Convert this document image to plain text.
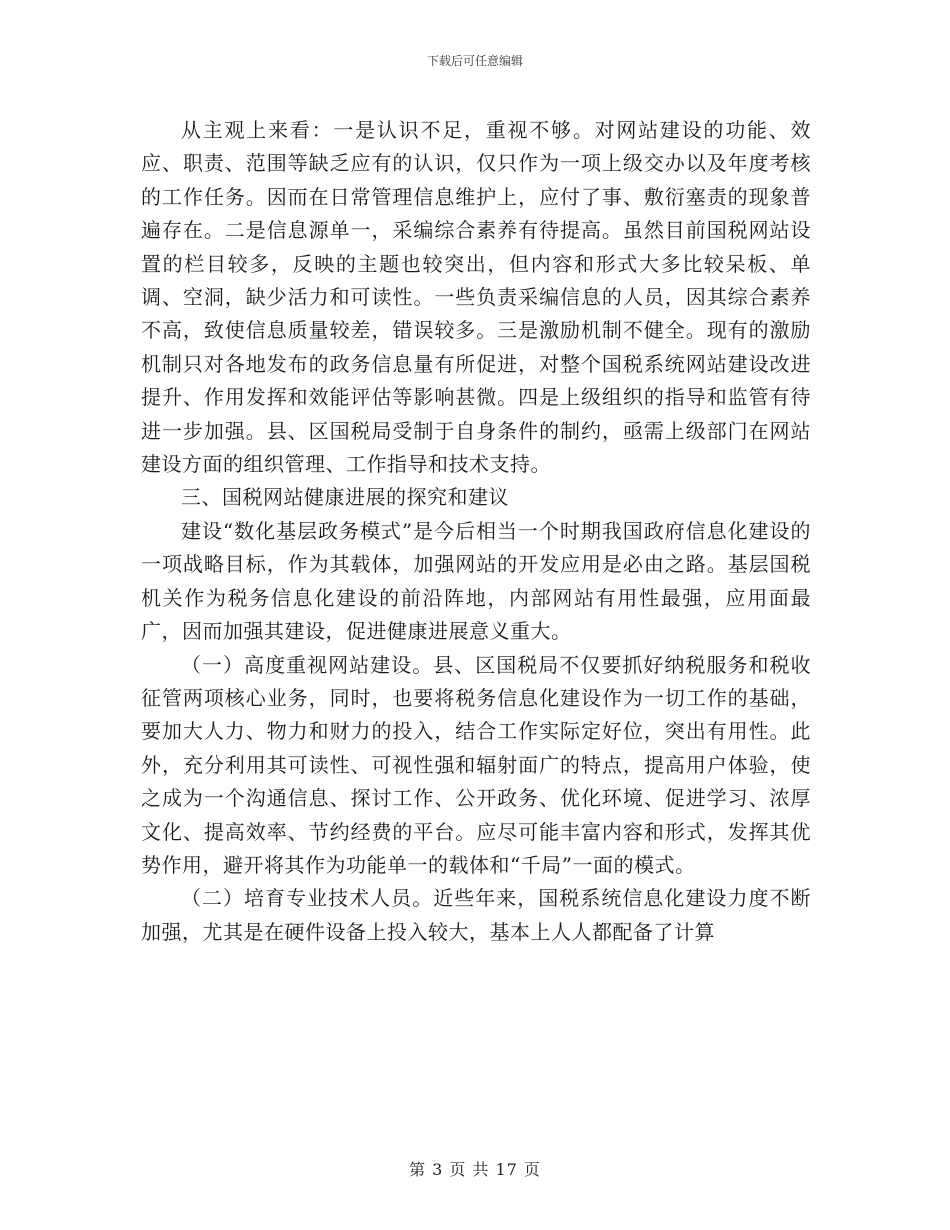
下载后可任意编辑

从主观上来看：一是认识不足，重视不够。对网站建设的功能、效应、职责、范围等缺乏应有的认识，仅只作为一项上级交办以及年度考核的工作任务。因而在日常管理信息维护上，应付了事、敷衍塞责的现象普遍存在。二是信息源单一，采编综合素养有待提高。虽然目前国税网站设置的栏目较多，反映的主题也较突出，但内容和形式大多比较呆板、单调、空洞，缺少活力和可读性。一些负责采编信息的人员，因其综合素养不高，致使信息质量较差，错误较多。三是激励机制不健全。现有的激励机制只对各地发布的政务信息量有所促进，对整个国税系统网站建设改进提升、作用发挥和效能评估等影响甚微。四是上级组织的指导和监管有待进一步加强。县、区国税局受制于自身条件的制约，亟需上级部门在网站建设方面的组织管理、工作指导和技术支持。

三、国税网站健康进展的探究和建议

建设“数化基层政务模式”是今后相当一个时期我国政府信息化建设的一项战略目标，作为其载体，加强网站的开发应用是必由之路。基层国税机关作为税务信息化建设的前沿阵地，内部网站有用性最强，应用面最广，因而加强其建设，促进健康进展意义重大。

（一）高度重视网站建设。县、区国税局不仅要抓好纳税服务和税收征管两项核心业务，同时，也要将税务信息化建设作为一切工作的基础，要加大人力、物力和财力的投入，结合工作实际定好位，突出有用性。此外，充分利用其可读性、可视性强和辐射面广的特点，提高用户体验，使之成为一个沟通信息、探讨工作、公开政务、优化环境、促进学习、浓厚文化、提高效率、节约经费的平台。应尽可能丰富内容和形式，发挥其优势作用，避开将其作为功能单一的载体和“千局”一面的模式。

（二）培育专业技术人员。近些年来，国税系统信息化建设力度不断加强，尤其是在硬件设备上投入较大，基本上人人都配备了计算

第 3 页 共 17 页
